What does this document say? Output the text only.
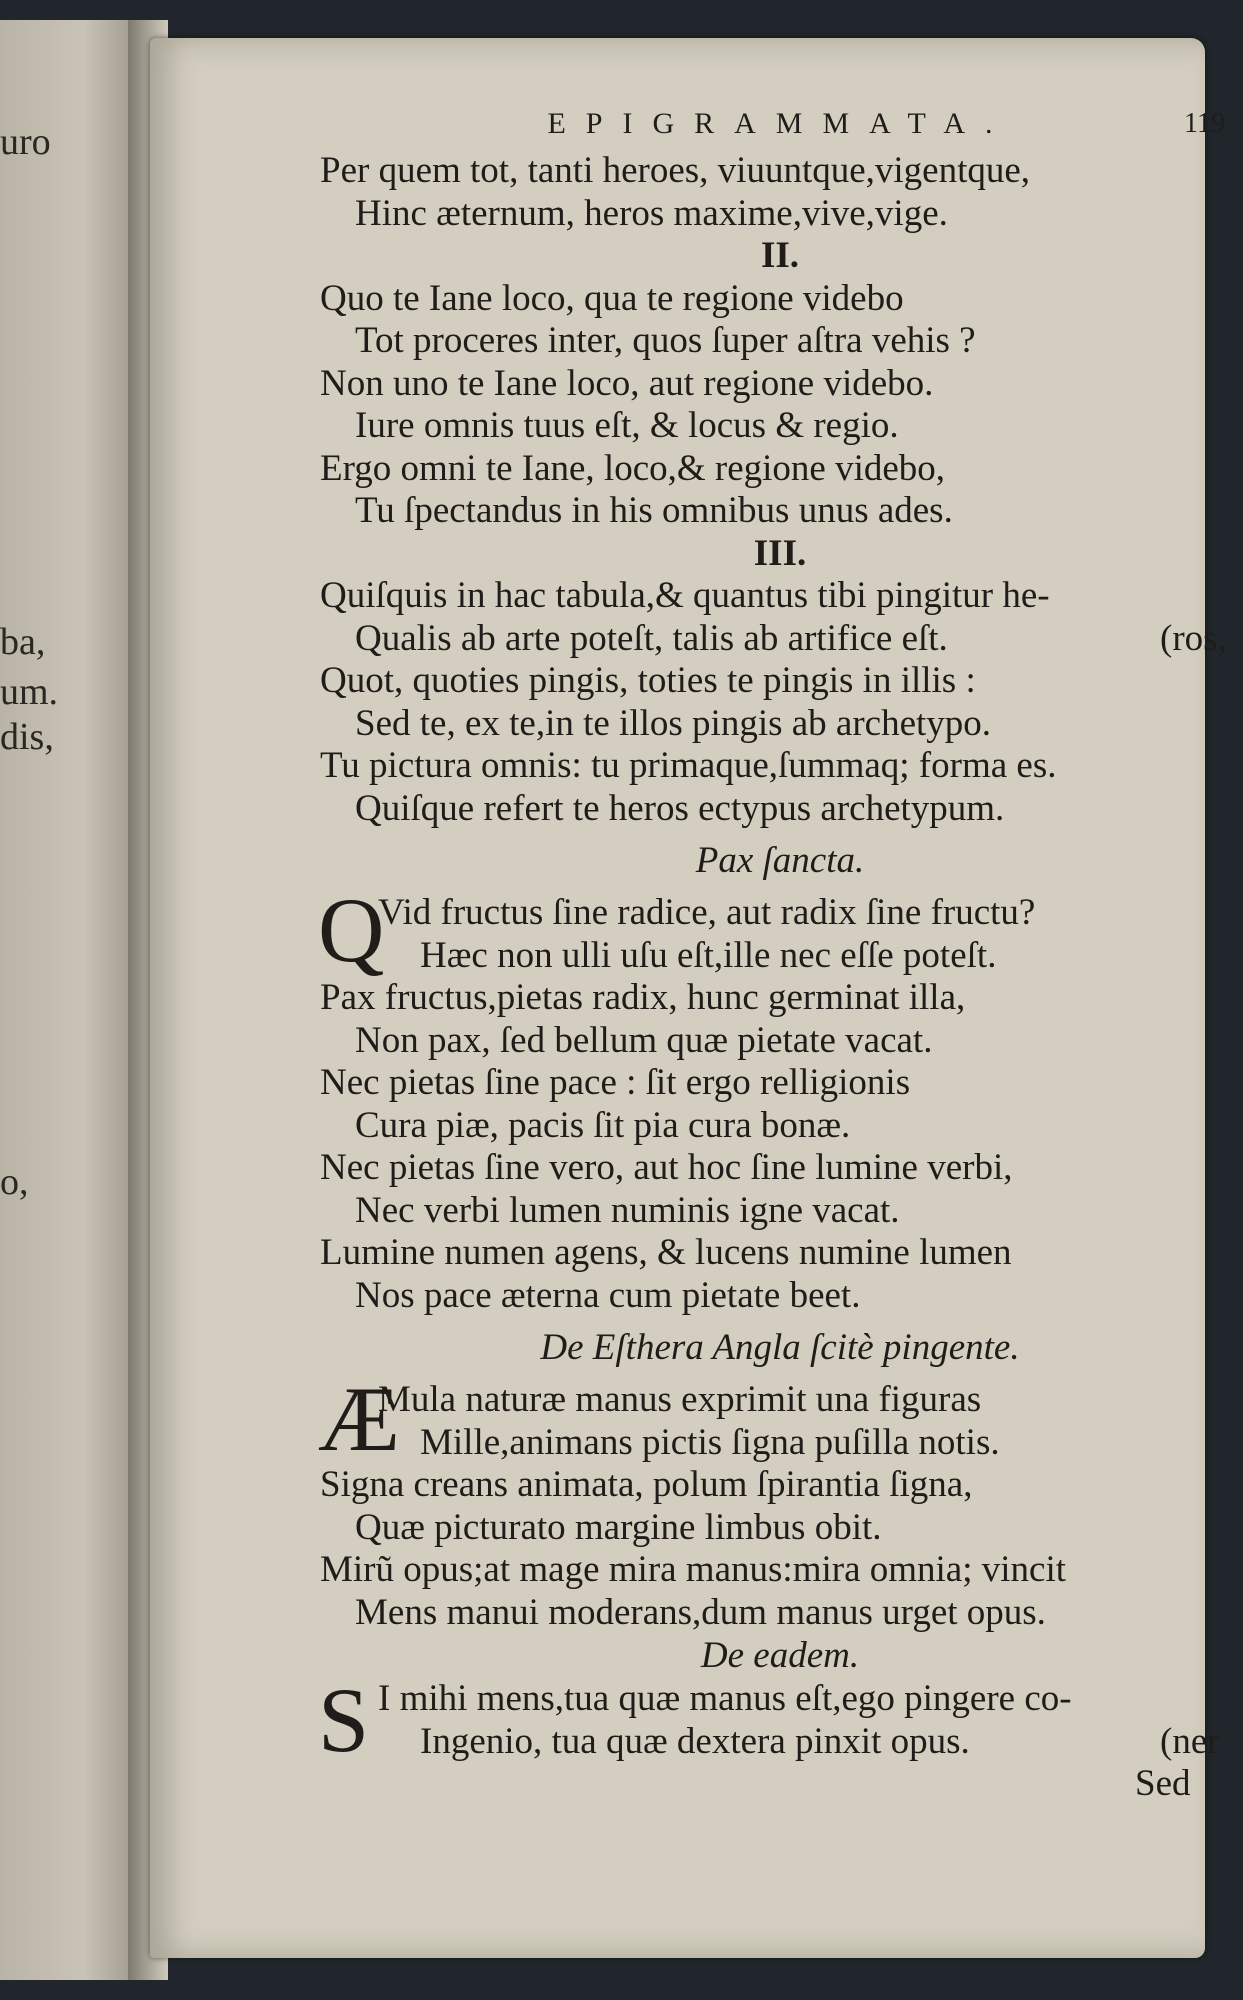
uro
ba,
um.
dis,
o,
EPIGRAMMATA.	119
Per quem tot, tanti heroes, viuuntque,vigentque,
Hinc æternum, heros maxime,vive,vige.
II.
Quo te Iane loco, qua te regione videbo
Tot proceres inter, quos ſuper aſtra vehis ?
Non uno te Iane loco, aut regione videbo.
Iure omnis tuus eſt, & locus & regio.
Ergo omni te Iane, loco,& regione videbo,
Tu ſpectandus in his omnibus unus ades.
III.
Quiſquis in hac tabula,& quantus tibi pingitur he-
Qualis ab arte poteſt, talis ab artifice eſt.	(ros,
Quot, quoties pingis, toties te pingis in illis :
Sed te, ex te,in te illos pingis ab archetypo.
Tu pictura omnis: tu primaque,ſummaq; forma es.
Quiſque refert te heros ectypus archetypum.
Pax ſancta.
Q
Vid fructus ſine radice, aut radix ſine fructu?
Hæc non ulli uſu eſt,ille nec eſſe poteſt.
Pax fructus,pietas radix, hunc germinat illa,
Non pax, ſed bellum quæ pietate vacat.
Nec pietas ſine pace : ſit ergo relligionis
Cura piæ, pacis ſit pia cura bonæ.
Nec pietas ſine vero, aut hoc ſine lumine verbi,
Nec verbi lumen numinis igne vacat.
Lumine numen agens, & lucens numine lumen
Nos pace æterna cum pietate beet.
De Eſthera Angla ſcitè pingente.
Æ
Mula naturæ manus exprimit una figuras
Mille,animans pictis ſigna puſilla notis.
Signa creans animata, polum ſpirantia ſigna,
Quæ picturato margine limbus obit.
Mirũ opus;at mage mira manus:mira omnia; vincit
Mens manui moderans,dum manus urget opus.
De eadem.
S I mihi mens,tua quæ manus eſt,ego pingere co-
Ingenio, tua quæ dextera pinxit opus.	(ner
Sed
